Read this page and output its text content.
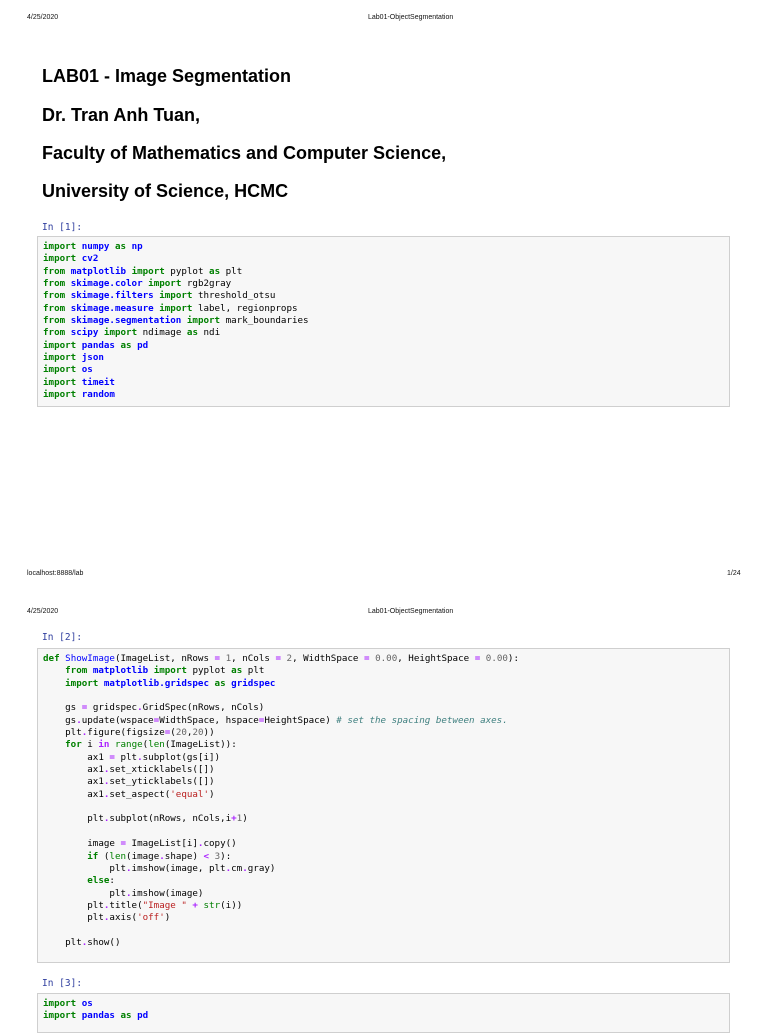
4/25/2020	Lab01-ObjectSegmentation
LAB01 - Image Segmentation
Dr. Tran Anh Tuan,
Faculty of Mathematics and Computer Science,
University of Science, HCMC
In [1]:
import numpy as np
import cv2
from matplotlib import pyplot as plt
from skimage.color import rgb2gray
from skimage.filters import threshold_otsu
from skimage.measure import label, regionprops
from skimage.segmentation import mark_boundaries
from scipy import ndimage as ndi
import pandas as pd
import json
import os
import timeit
import random
localhost:8888/lab	1/24
4/25/2020	Lab01-ObjectSegmentation
In [2]:
def ShowImage(ImageList, nRows = 1, nCols = 2, WidthSpace = 0.00, HeightSpace = 0.00):
from matplotlib import pyplot as plt
import matplotlib.gridspec as gridspec

gs = gridspec.GridSpec(nRows, nCols)
gs.update(wspace=WidthSpace, hspace=HeightSpace) # set the spacing between axes.
plt.figure(figsize=(20,20))
for i in range(len(ImageList)):
ax1 = plt.subplot(gs[i])
ax1.set_xticklabels([])
ax1.set_yticklabels([])
ax1.set_aspect('equal')

plt.subplot(nRows, nCols,i+1)

image = ImageList[i].copy()
if (len(image.shape) < 3):
plt.imshow(image, plt.cm.gray)
else:
plt.imshow(image)
plt.title("Image " + str(i))
plt.axis('off')

plt.show()
In [3]:
import os
import pandas as pd
